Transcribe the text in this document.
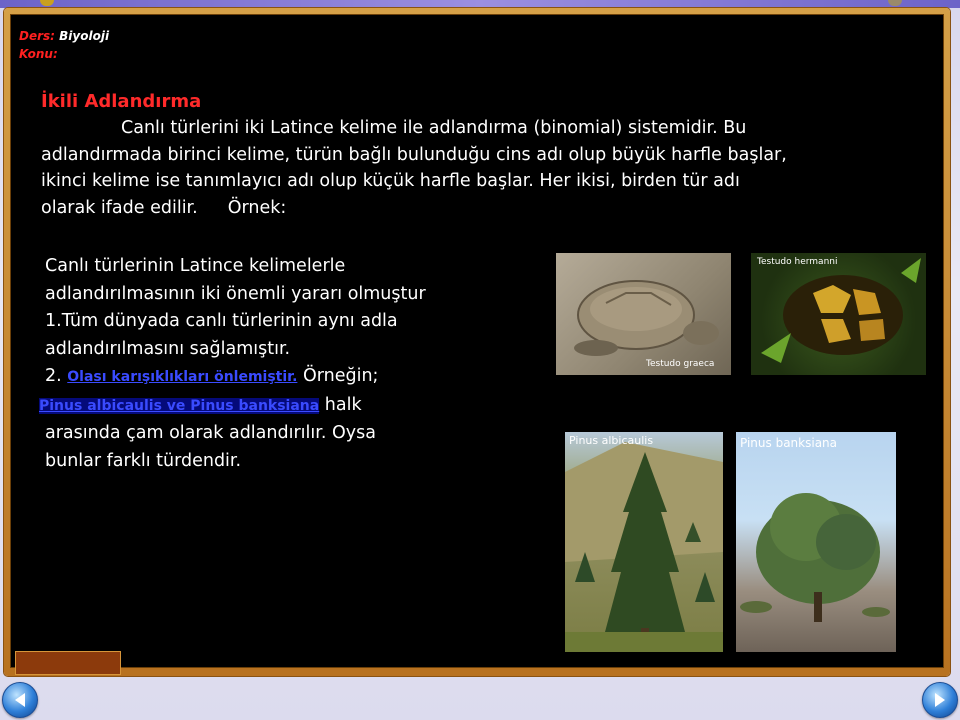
Ders: Biyoloji
Konu:
İkili Adlandırma
Canlı türlerini iki Latince kelime ile adlandırma (binomial) sistemidir. Bu
adlandırmada birinci kelime, türün bağlı bulunduğu cins adı olup büyük harfle başlar,
ikinci kelime ise tanımlayıcı adı olup küçük harfle başlar. Her ikisi, birden tür adı
olarak ifade edilir. Örnek:
Canlı türlerinin Latince kelimelerle
adlandırılmasının iki önemli yararı olmuştur
1.Tüm dünyada canlı türlerinin aynı adla
adlandırılmasını sağlamıştır.
2. Olası karışıklıkları önlemiştir. Örneğin;
Pinus albicaulis ve Pinus banksiana halk
arasında çam olarak adlandırılır. Oysa
bunlar farklı türdendir.
Testudo graeca
Testudo hermanni
Pinus albicaulis	Pinus banksiana
